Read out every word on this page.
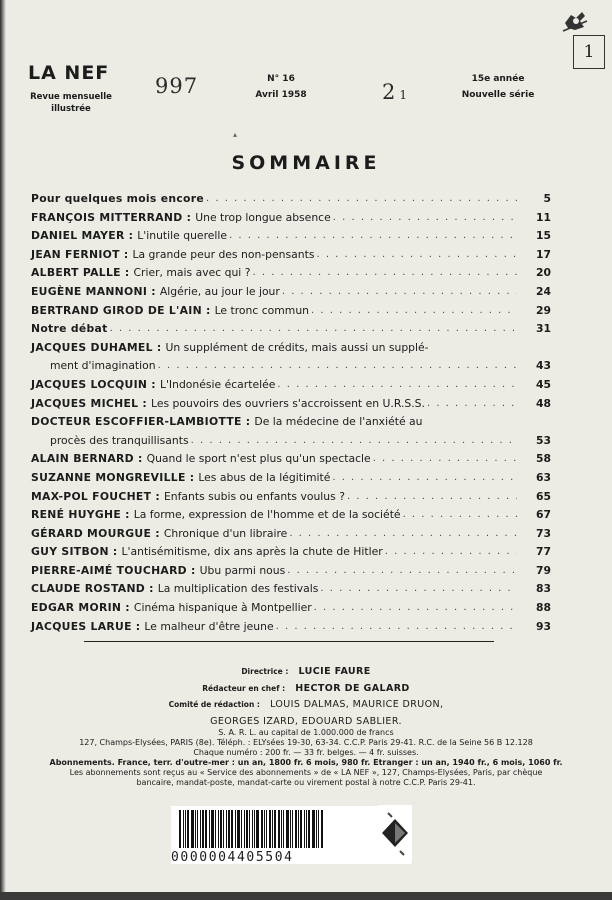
LA NEF
Revue mensuelle
illustrée
997	2 1
N° 16
Avril 1958
15e année
Nouvelle série
1
▴
SOMMAIRE
Pour quelques mois encore . . .	5
FRANÇOIS MITTERRAND : Une trop longue absence . . .	11
DANIEL MAYER : L'inutile querelle . . .	15
JEAN FERNIOT : La grande peur des non-pensants . . .	17
ALBERT PALLE : Crier, mais avec qui ? . . .	20
EUGÈNE MANNONI : Algérie, au jour le jour . . .	24
BERTRAND GIROD DE L'AIN : Le tronc commun . . .	29
Notre débat . . .	31
JACQUES DUHAMEL : Un supplément de crédits, mais aussi un supplé-
ment d'imagination . . .	43
JACQUES LOCQUIN : L'Indonésie écartelée . . .	45
JACQUES MICHEL : Les pouvoirs des ouvriers s'accroissent en U.R.S.S. . . .	48
DOCTEUR ESCOFFIER-LAMBIOTTE : De la médecine de l'anxiété au
procès des tranquillisants . . .	53
ALAIN BERNARD : Quand le sport n'est plus qu'un spectacle . . .	58
SUZANNE MONGREVILLE : Les abus de la légitimité . . .	63
MAX-POL FOUCHET : Enfants subis ou enfants voulus ? . . .	65
RENÉ HUYGHE : La forme, expression de l'homme et de la société . . .	67
GÉRARD MOURGUE : Chronique d'un libraire . . .	73
GUY SITBON : L'antisémitisme, dix ans après la chute de Hitler . . .	77
PIERRE-AIMÉ TOUCHARD : Ubu parmi nous . . .	79
CLAUDE ROSTAND : La multiplication des festivals . . .	83
EDGAR MORIN : Cinéma hispanique à Montpellier . . .	88
JACQUES LARUE : Le malheur d'être jeune . . .	93
Directrice : LUCIE FAURE
Rédacteur en chef : HECTOR DE GALARD
Comité de rédaction : LOUIS DALMAS, MAURICE DRUON,
GEORGES IZARD, EDOUARD SABLIER.
S. A. R. L. au capital de 1.000.000 de francs
127, Champs-Elysées, PARIS (8e). Téléph. : ELYsées 19-30, 63-34. C.C.P. Paris 29-41. R.C. de la Seine 56 B 12.128
Chaque numéro : 200 fr. — 33 fr. belges. — 4 fr. suisses.
Abonnements. France, terr. d'outre-mer : un an, 1800 fr. 6 mois, 980 fr. Etranger : un an, 1940 fr., 6 mois, 1060 fr.
Les abonnements sont reçus au « Service des abonnements » de « LA NEF », 127, Champs-Elysées, Paris, par chèque
bancaire, mandat-poste, mandat-carte ou virement postal à notre C.C.P. Paris 29-41.
0000004405504
